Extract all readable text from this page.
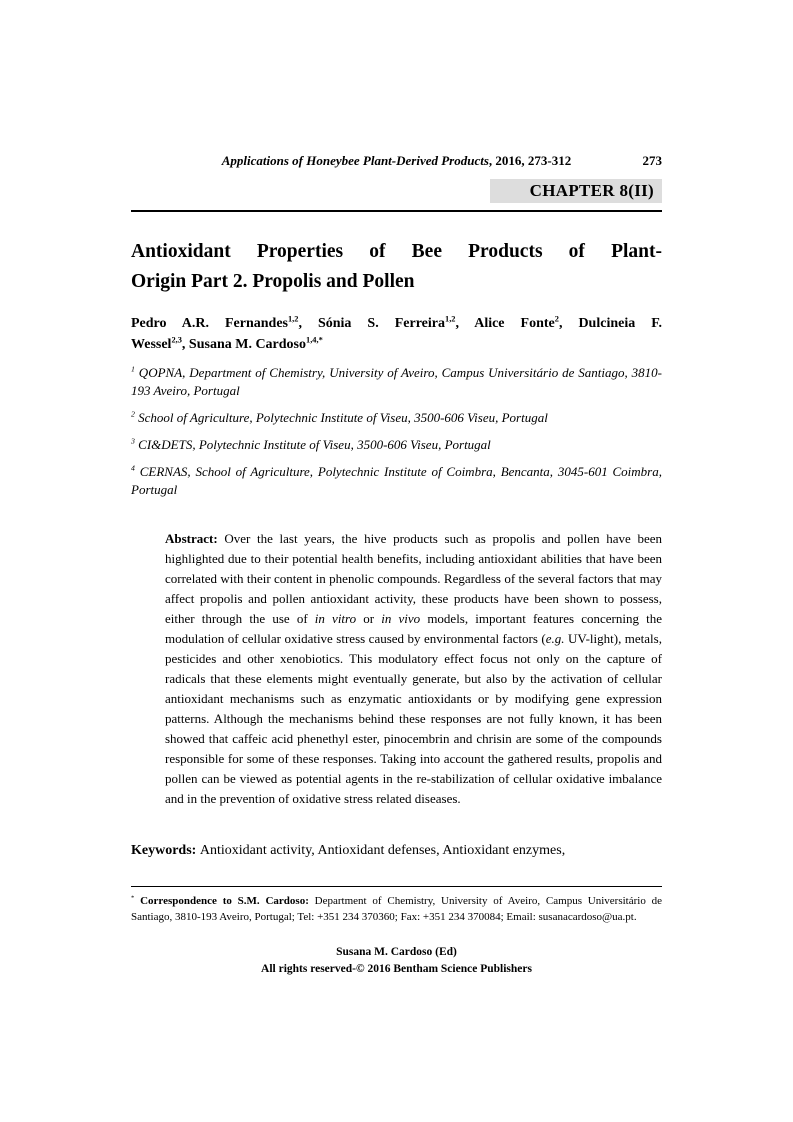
Applications of Honeybee Plant-Derived Products, 2016, 273-312	273
CHAPTER 8(II)
Antioxidant Properties of Bee Products of Plant-
Origin Part 2. Propolis and Pollen
Pedro A.R. Fernandes$^{1,2}$, Sónia S. Ferreira$^{1,2}$, Alice Fonte$^2$, Dulcineia F.
Wessel$^{2,3}$, Susana M. Cardoso$^{1,4,*}$
$^1$ QOPNA, Department of Chemistry, University of Aveiro, Campus Universitário de Santiago, 3810-193 Aveiro, Portugal
$^2$ School of Agriculture, Polytechnic Institute of Viseu, 3500-606 Viseu, Portugal
$^3$ CI&DETS, Polytechnic Institute of Viseu, 3500-606 Viseu, Portugal
$^4$ CERNAS, School of Agriculture, Polytechnic Institute of Coimbra, Bencanta, 3045-601 Coimbra, Portugal
Abstract: Over the last years, the hive products such as propolis and pollen have been highlighted due to their potential health benefits, including antioxidant abilities that have been correlated with their content in phenolic compounds. Regardless of the several factors that may affect propolis and pollen antioxidant activity, these products have been shown to possess, either through the use of in vitro or in vivo models, important features concerning the modulation of cellular oxidative stress caused by environmental factors (e.g. UV-light), metals, pesticides and other xenobiotics. This modulatory effect focus not only on the capture of radicals that these elements might eventually generate, but also by the activation of cellular antioxidant mechanisms such as enzymatic antioxidants or by modifying gene expression patterns. Although the mechanisms behind these responses are not fully known, it has been showed that caffeic acid phenethyl ester, pinocembrin and chrisin are some of the compounds responsible for some of these responses. Taking into account the gathered results, propolis and pollen can be viewed as potential agents in the re-stabilization of cellular oxidative imbalance and in the prevention of oxidative stress related diseases.
Keywords: Antioxidant activity, Antioxidant defenses, Antioxidant enzymes,
* Correspondence to S.M. Cardoso: Department of Chemistry, University of Aveiro, Campus Universitário de Santiago, 3810-193 Aveiro, Portugal; Tel: +351 234 370360; Fax: +351 234 370084; Email: susanacardoso@ua.pt.
Susana M. Cardoso (Ed)
All rights reserved-© 2016 Bentham Science Publishers
